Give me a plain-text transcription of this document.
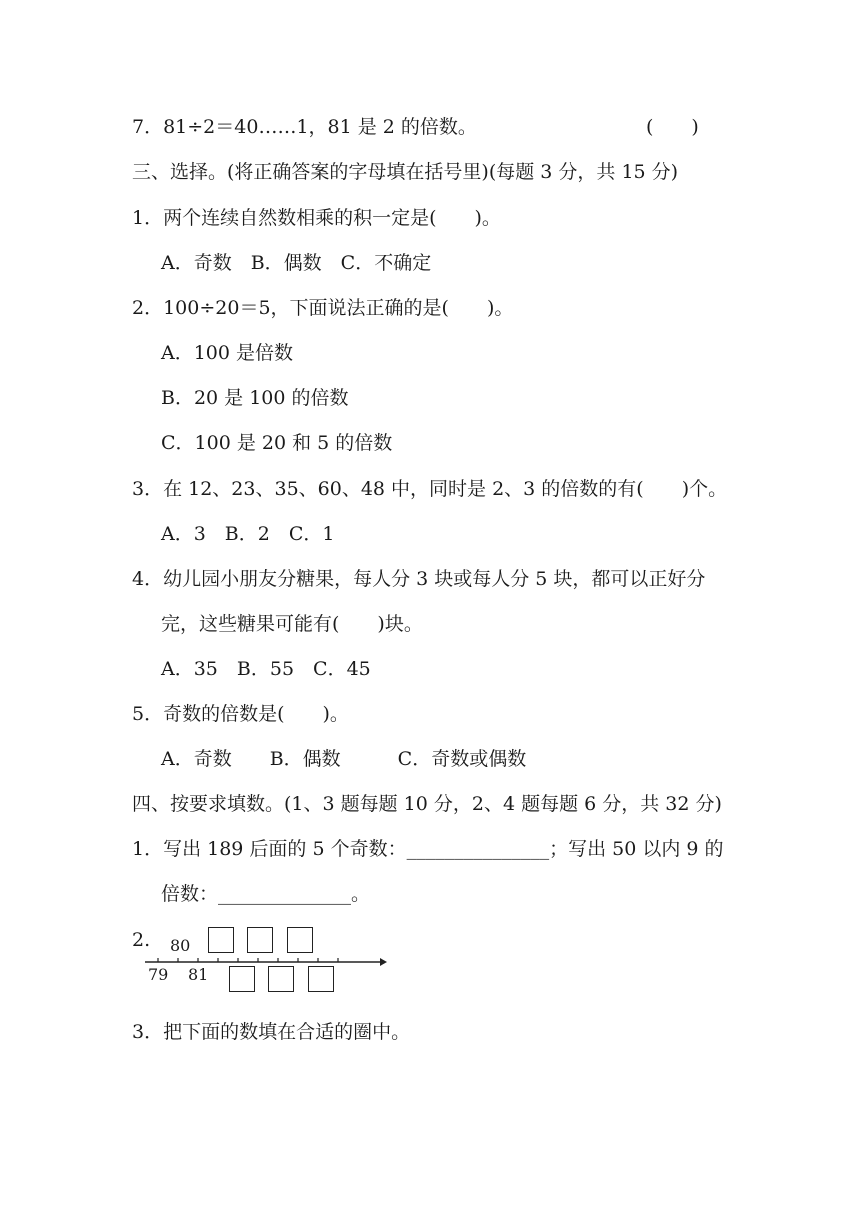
7．81÷2＝40……1，81 是 2 的倍数。	(　　)
三、选择。(将正确答案的字母填在括号里)(每题 3 分，共 15 分)
1．两个连续自然数相乘的积一定是(　　)。
A．奇数　B．偶数　C．不确定
2．100÷20＝5，下面说法正确的是(　　)。
A．100 是倍数
B．20 是 100 的倍数
C．100 是 20 和 5 的倍数
3．在 12、23、35、60、48 中，同时是 2、3 的倍数的有(　　)个。
A．3　B．2　C．1
4．幼儿园小朋友分糖果，每人分 3 块或每人分 5 块，都可以正好分
完，这些糖果可能有(　　)块。
A．35　B．55　C．45
5．奇数的倍数是(　　)。
A．奇数　　B．偶数　　　C．奇数或偶数
四、按要求填数。(1、3 题每题 10 分，2、4 题每题 6 分，共 32 分)
1．写出 189 后面的 5 个奇数：_______________；写出 50 以内 9 的
倍数：______________。
2. 80
79 81
3．把下面的数填在合适的圈中。
